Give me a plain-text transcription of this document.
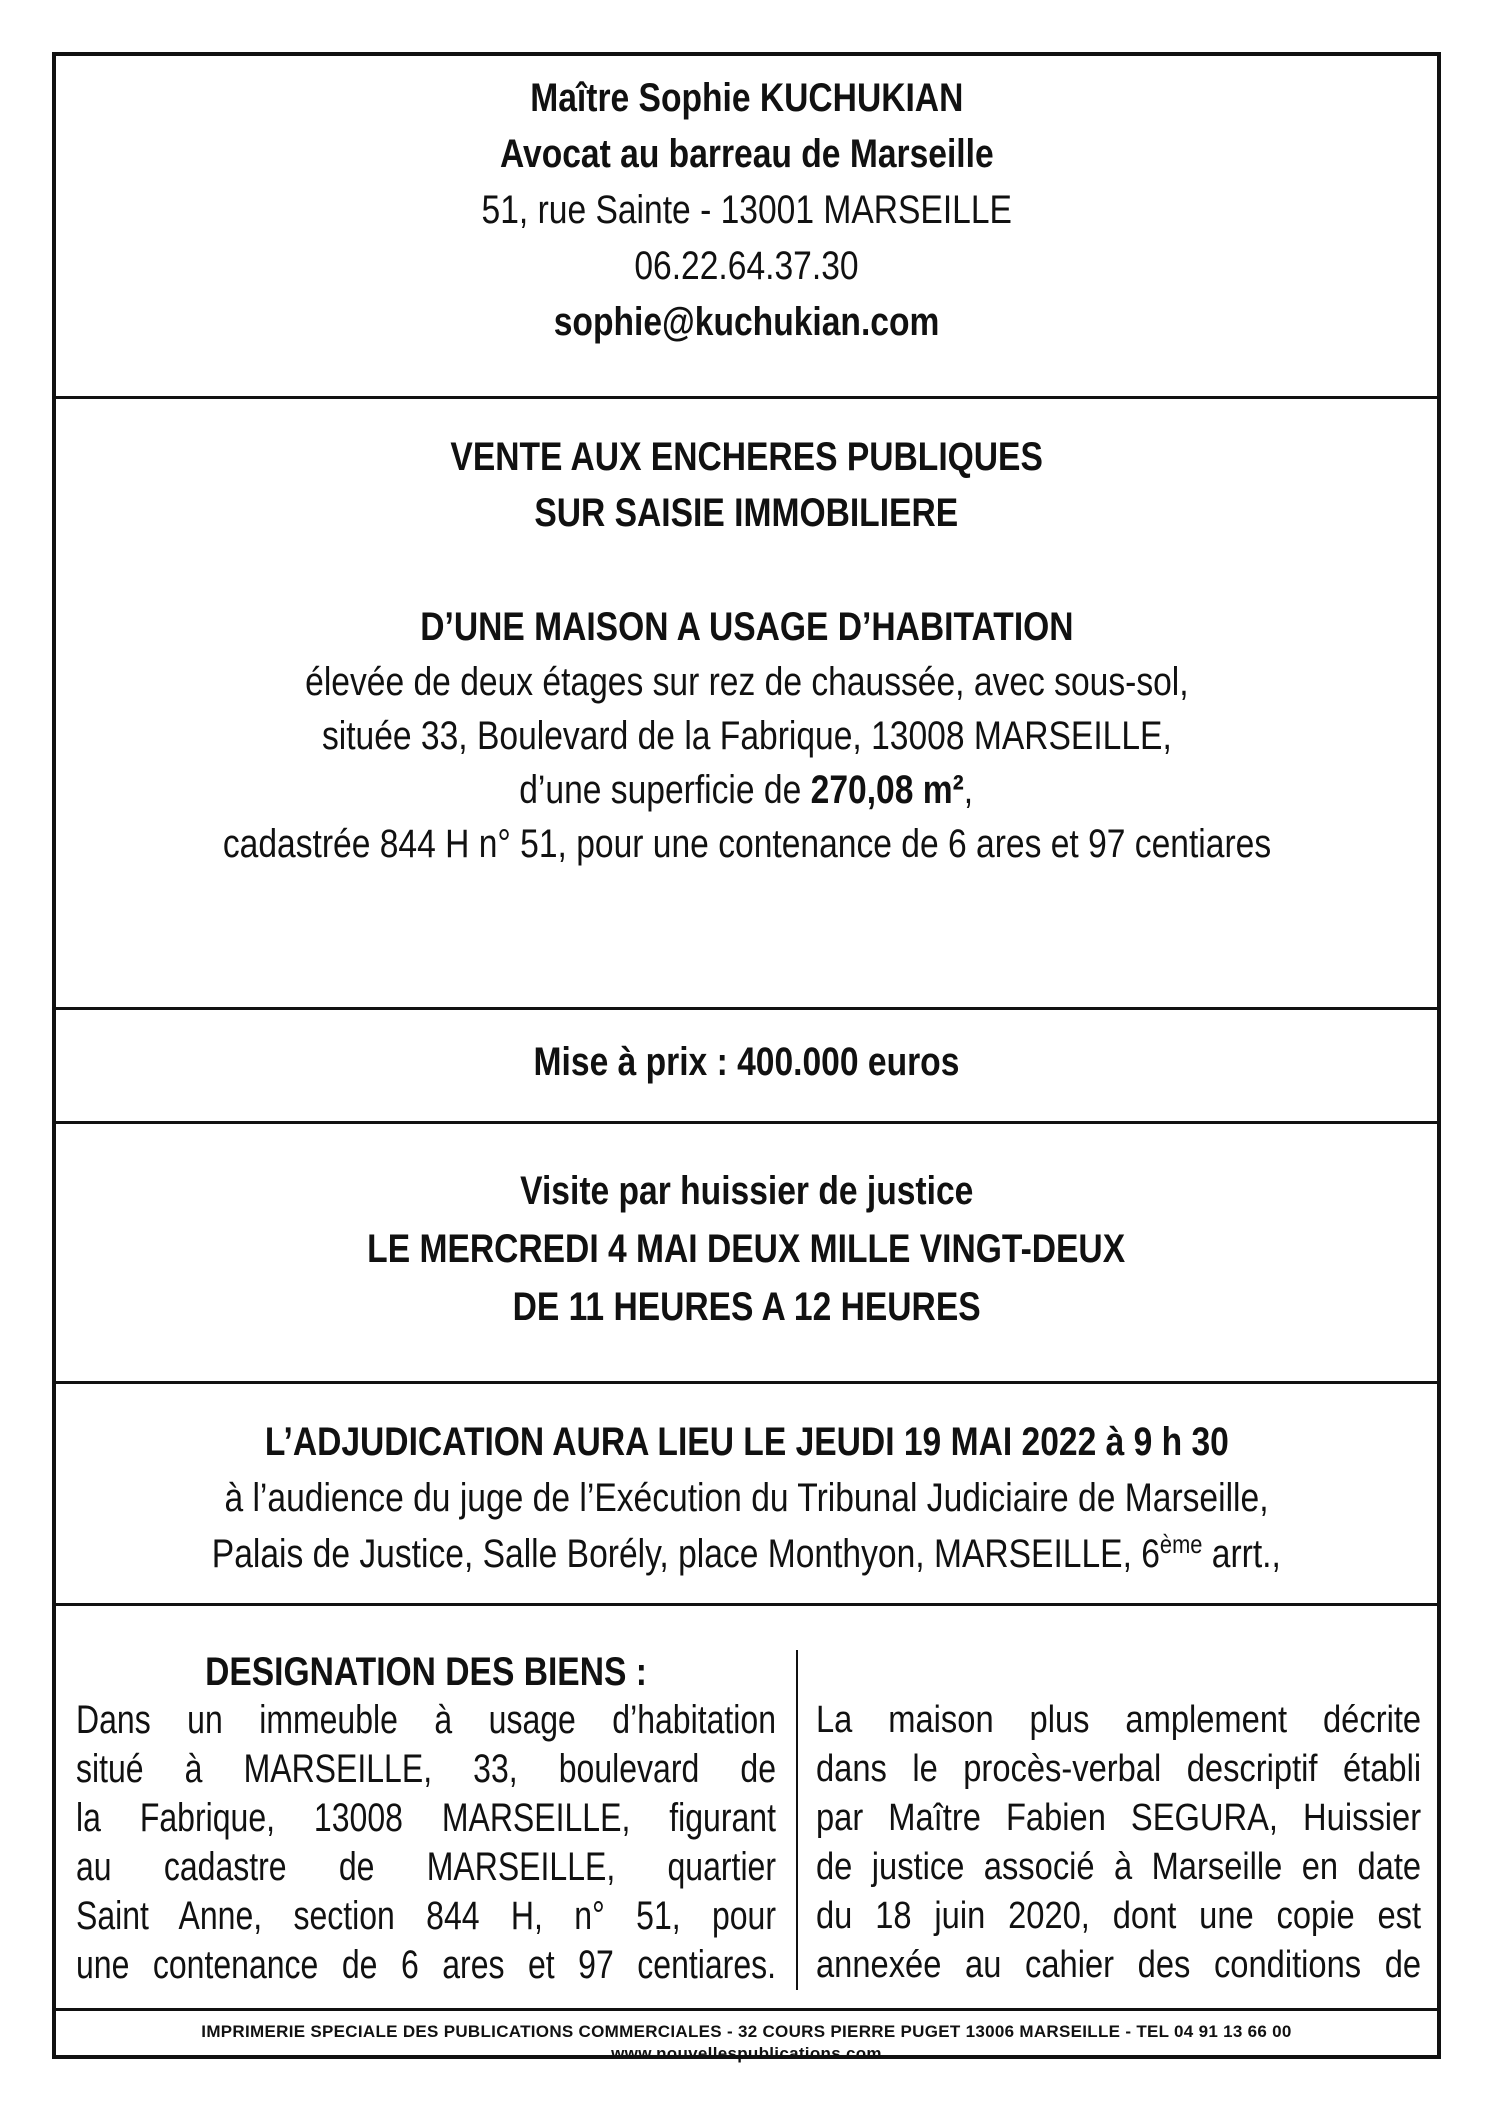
Maître Sophie KUCHUKIAN
Avocat au barreau de Marseille
51, rue Sainte - 13001 MARSEILLE
06.22.64.37.30
sophie@kuchukian.com
VENTE AUX ENCHERES PUBLIQUES
SUR SAISIE IMMOBILIERE
D’UNE MAISON A USAGE D’HABITATION
élevée de deux étages sur rez de chaussée, avec sous-sol,
située 33, Boulevard de la Fabrique, 13008 MARSEILLE,
d’une superficie de 270,08 m²,
cadastrée 844 H n° 51, pour une contenance de 6 ares et 97 centiares
Mise à prix : 400.000 euros
Visite par huissier de justice
LE MERCREDI 4 MAI DEUX MILLE VINGT-DEUX
DE 11 HEURES A 12 HEURES
L’ADJUDICATION AURA LIEU LE JEUDI 19 MAI 2022 à 9 h 30
à l’audience du juge de l’Exécution du Tribunal Judiciaire de Marseille,
Palais de Justice, Salle Borély, place Monthyon, MARSEILLE, 6ème arrt.,
DESIGNATION DES BIENS :
Dans un immeuble à usage d’habitation
situé à MARSEILLE, 33, boulevard de
la Fabrique, 13008 MARSEILLE, figurant
au cadastre de MARSEILLE, quartier
Saint Anne, section 844 H, n° 51, pour
une contenance de 6 ares et 97 centiares.
La maison plus amplement décrite
dans le procès-verbal descriptif établi
par Maître Fabien SEGURA, Huissier
de justice associé à Marseille en date
du 18 juin 2020, dont une copie est
annexée au cahier des conditions de
IMPRIMERIE SPECIALE DES PUBLICATIONS COMMERCIALES - 32 COURS PIERRE PUGET 13006 MARSEILLE - TEL 04 91 13 66 00
www.nouvellespublications.com
